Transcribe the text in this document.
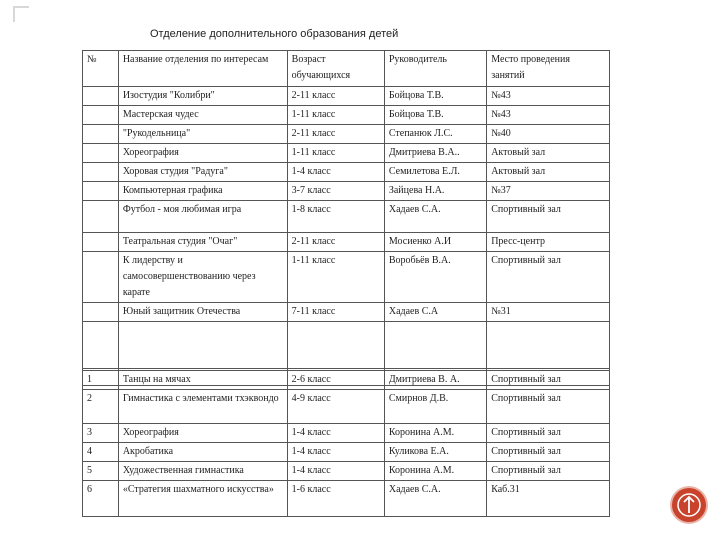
Отделение дополнительного образования детей
№	Название отделения по интересам	Возраст обучающихся	Руководитель	Место проведения занятий
	Изостудия "Колибри"	2-11 класс	Бойцова Т.В.	№43
	Мастерская чудес	1-11 класс	Бойцова Т.В.	№43
	"Рукодельница"	2-11 класс	Степанюк Л.С.	№40
	Хореография	1-11 класс	Дмитриева В.А..	Актовый зал
	Хоровая студия "Радуга"	1-4 класс	Семилетова Е.Л.	Актовый зал
	Компьютерная графика	3-7 класс	Зайцева Н.А.	№37
	Футбол - моя любимая игра	1-8 класс	Хадаев С.А.	Спортивный зал
	Театральная студия "Очаг"	2-11 класс	Мосиенко А.И	Пресс-центр
	К лидерству и самосовершенствованию через карате	1-11 класс	Воробьёв В.А.	Спортивный зал
	Юный защитник Отечества	7-11 класс	Хадаев С.А	№31

1	Танцы на мячах	2-6 класс	Дмитриева В. А.	Спортивный зал
2	Гимнастика с элементами тхэквондо	4-9 класс	Смирнов Д.В.	Спортивный зал
3	Хореография	1-4 класс	Коронина А.М.	Спортивный зал
4	Акробатика	1-4 класс	Куликова Е.А.	Спортивный зал
5	Художественная гимнастика	1-4 класс	Коронина А.М.	Спортивный зал
6	«Стратегия шахматного искусства»	1-6 класс	Хадаев С.А.	Каб.31
